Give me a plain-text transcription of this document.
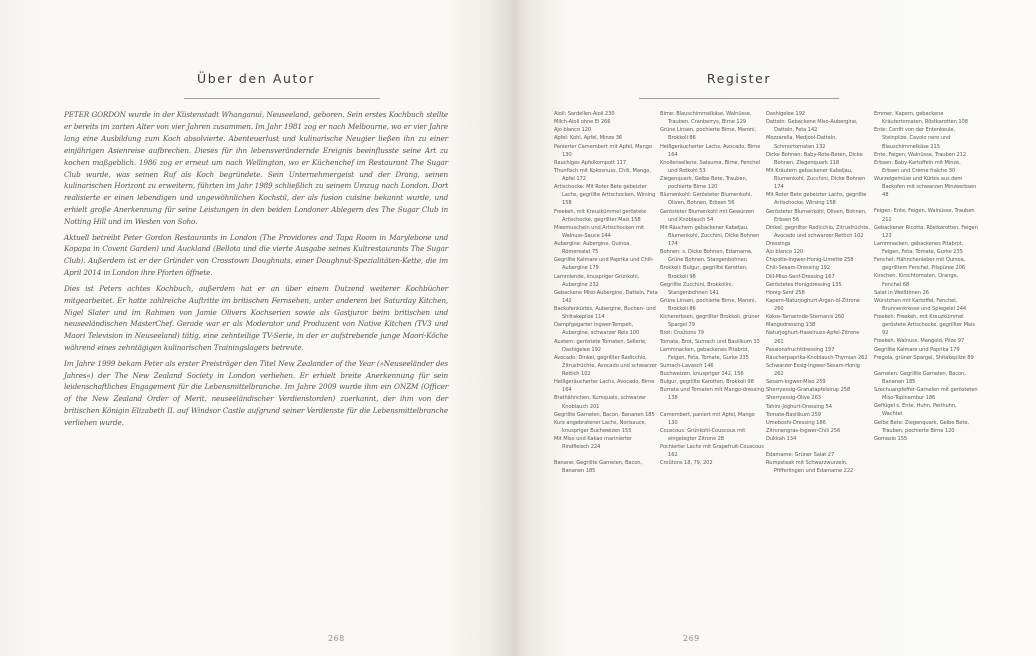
Über den Autor

PETER GORDON wurde in der Küstenstadt Whanganui, Neuseeland, geboren. Sein erstes Kochbuch stellte er bereits im zarten Alter von vier Jahren zusammen. Im Jahr 1981 zog er nach Melbourne, wo er vier Jahre lang eine Ausbildung zum Koch absolvierte. Abenteuerlust und kulinarische Neugier ließen ihn zu einer einjährigen Asienreise aufbrechen. Dieses für ihn lebensverändernde Ereignis beeinflusste seine Art zu kochen maßgeblich. 1986 zog er erneut um nach Wellington, wo er Küchenchef im Restaurant The Sugar Club wurde, was seinen Ruf als Koch begründete. Sein Unternehmergeist und der Drang, seinen kulinarischen Horizont zu erweitern, führten im Jahr 1989 schließlich zu seinem Umzug nach London. Dort realisierte er einen lebendigen und ungewöhnlichen Kochstil, der als fusion cuisine bekannt wurde, und erhielt große Anerkennung für seine Leistungen in den beiden Londoner Ablegern des The Sugar Club in Notting Hill und im Westen von Soho.

Aktuell betreibt Peter Gordon Restaurants in London (The Providores and Tapa Room in Marylebone und Kopapa in Covent Garden) und Auckland (Bellota und die vierte Ausgabe seines Kultrestaurants The Sugar Club). Außerdem ist er der Gründer von Crosstown Doughnuts, einer Doughnut-Spezialitäten-Kette, die im April 2014 in London ihre Pforten öffnete.

Dies ist Peters achtes Kochbuch, außerdem hat er an über einem Dutzend weiterer Kochbücher mitgearbeitet. Er hatte zahlreiche Auftritte im britischen Fernsehen, unter anderem bei Saturday Kitchen, Nigel Slater und im Rahmen von Jamie Olivers Kochserien sowie als Gastjuror beim britischen und neuseeländischen MasterChef. Gerade war er als Moderator und Produzent von Native Kitchen (TV3 und Maori Television in Neuseeland) tätig, eine zehnteilige TV-Serie, in der er aufstrebende junge Maori-Köche während eines zehntägigen kulinarischen Trainingslagers betreute.

Im Jahre 1999 bekam Peter als erster Preisträger den Titel New Zealander of the Year (»Neuseeländer des Jahres«) der The New Zealand Society in London verliehen. Er erhielt breite Anerkennung für sein leidenschaftliches Engagement für die Lebensmittelbranche. Im Jahre 2009 wurde ihm ein ONZM (Officer of the New Zealand Order of Merit, neuseeländischer Verdienstorden) zuerkannt, der ihm von der britischen Königin Elizabeth II. auf Windsor Castle aufgrund seiner Verdienste für die Lebensmittelbranche verliehen wurde.

268
Register
Aioli: Sardellen-Aioli 230
Milch-Aioli ohne Ei 266
Ajo blanco 120
Apfel: Kohl, Apfel, Minze 36
Panierter Camembert mit Apfel, Mango 130
Rauchiges Apfelkompott 117
Thunfisch mit Kokosnuss, Chili, Mango, Apfel 172
Artischocke: Mit Roter Bete gebeizter Lachs, gegrillte Artischocken, Wirsing 158
Freekeh, mit Kreuzkümmel geröstete Artischocke, gegrillter Mais 158
Miesmuscheln und Artischocken mit Walnuss-Sauce 144
Aubergine: Aubergine, Quinoa, Römersalat 75
Gegrillte Kalmare und Paprika und Chili-Aubergine 179
Lammlende, knuspriger Grünkohl, Aubergine 232
Gebackene Miso-Aubergine, Datteln, Feta 142
Backofenkürbis, Aubergine, Buchen- und Shiitakepilze 114
Dampfgegarter Ingwer-Tempeh, Aubergine, schwarzer Reis 100
Austern: geröstete Tomaten, Sellerie, Dashigelee 192
Avocado: Dinkel, gegrillter Radicchio, Zitrusfrüchte, Avocado und schwarzer Rettich 102
Heißgeräucherter Lachs, Avocado, Birne 164
Brathähnchen, Kumquats, schwarzer Knoblauch 201
Gegrillte Garnelen, Bacon, Bananen 185
Kurz angebratener Lachs, Norisauce, knuspriger Buchweizen 155
Mit Miso und Kakao marinierter Rindfleisch 224
Banane: Gegrillte Garnelen, Bacon, Bananen 185
Birne: Blauschimmelkäse, Walnüsse, Trauben, Cranberrys, Birne 129
Grüne Linsen, pochierte Birne, Maroni, Brokkoli 86
Heißgeräucherter Lachs, Avocado, Birne 164
Knollensellerie, Satsuma, Birne, Fenchel und Rotkohl 53
Ziegenquark, Gelbe Bete, Trauben, pochierte Birne 120
Blumenkohl: Gerösteter Blumenkohl, Oliven, Bohnen, Erbsen 56
Gerösteter Blumenkohl mit Gewürzen und Knoblauch 54
Mit Räuchern gebackener Kabeljau, Blumenkohl, Zucchini, Dicke Bohnen 174
Bohnen: s. Dicke Bohnen, Edamame, Grüne Bohnen, Stangenbohnen
Brokkoli: Bulgur, gegrillte Karotten, Brokkoli 98
Gegrillte Zucchini, Brokkolini, Stangenbohnen 141
Grüne Linsen, pochierte Birne, Maroni, Brokkoli 86
Kichererbsen, gegrillter Brokkoli, grüner Spargel 79
Brot: Croûtons 79
Tomate, Brot, Sumach und Basilikum 33
Lammnacken, gebackenes Pitabrot, Feigen, Feta, Tomate, Gurke 235
Sumach-Lavasch 146
Buchweizen, knuspriger 142, 156
Bulgur, gegrillte Karotten, Brokkoli 98
Burrata und Tomaten mit Mango-dressing 138
Camembert, paniert mit Apfel, Mango 130
Couscous: Grünkohl-Couscous mit eingelegter Zitrone 28
Pochierter Lachs mit Grapefruit-Couscous 162
Croûtons 18, 79, 202
Dashigelee 192
Datteln: Gebackene Miso-Aubergine, Datteln, Feta 142
Mozzarella, Medjool-Datteln, Schmortomaten 132
Dicke Bohnen: Baby-Rote-Beten, Dicke Bohnen, Ziegenquark 118
Mit Kräutern gebackener Kabeljau, Blumenkohl, Zucchini, Dicke Bohnen 174
Mit Roter Bete gebeizter Lachs, gegrillte Artischocke, Wirsing 158
Gerösteter Blumenkohl, Oliven, Bohnen, Erbsen 56
Dinkel, gegrillter Radicchio, Zitrusfrüchte, Avocado und schwarzer Rettich 102
Dressings
Ajo blanco 120
Chipotle-Ingwer-Honig-Limette 258
Chili-Sesam-Dressing 192
Dill-Miso-Senf-Dressing 167
Geröstetes Honigdressing 135
Honig-Senf 258
Kapern-Naturjoghurt-Argan-öl-Zitrone 260
Kokos-Tamarinde-Sternanis 260
Mangodressing 138
Naturjoghurt-Haselnuss-Apfel-Zitrone 261
Passionsfruchtdressing 197
Räucherpaprika-Knoblauch-Thymian 262
Schwarzer-Essig-Ingwer-Sesam-Honig 262
Sesam-Ingwer-Miso 259
Sherryessig-Granatapfelsirup 258
Sherryessig-Olive 263
Tahini-Joghurt-Dressing 54
Tomate-Basilikum 259
Umeboshi-Dressing 186
Zitronengras-Ingwer-Chili 256
Dukkah 134
Edamame: Grüner Salat 27
Rumpsteak mit Schwarzwurzeln, Pfifferlingen und Edamame 222
Emmer, Kapern, gebackene Kräutertomaten, Röstkarotten 108
Ente: Confit von der Entenkeule, Steinpilze, Cavolo nero und Blauschimmelkäse 215
Ente, Feigen, Walnüsse, Trauben 212
Erbsen: Baby-Kartoffeln mit Minze, Erbsen und Crème fraîche 30
Wurzelgemüse und Kürbis aus dem Backofen mit schwarzen Minzeerbsen 48
Feigen: Ente, Feigen, Walnüsse, Trauben 212
Gebackener Ricotta, Röstkarotten, Feigen 123
Lammnacken, gebackenes Pitabrot, Feigen, Feta, Tomate, Gurke 235
Fenchel: Hähnchenleber mit Quinoa, gegrilltem Fenchel, Pilspüree 206
Kirschen, Kirschtomaten, Orange, Fenchel 68
Salat in Weißtönen 26
Würstchen mit Kartoffel, Fenchel, Brunnenkresse und Spiegelei 244
Freekeh: Freekeh, mit Kreuzkümmel geröstete Artischocke, gegrillter Mais 92
Freekeh, Walnuss, Mangold, Pilze 97
Gegrillte Kalmare und Paprika 179
Fregola, grüner Spargel, Shitakepilze 89
Garnelen: Gegrillte Garnelen, Bacon, Bananen 185
Szechuanpfeffer-Garnelen mit gerösteten Miso-Topinambur 186
Geflügel s. Ente, Huhn, Perlhuhn, Wachtel
Gelbe Bete: Ziegenquark, Gelbe Bete, Trauben, pochierte Birne 120
Gomasio 155
269
